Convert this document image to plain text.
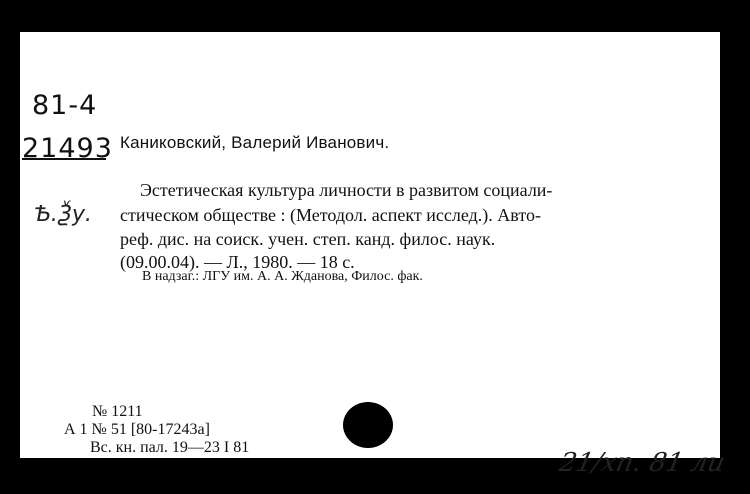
81-4
21493
Ѣ.Ѯу.
Каниковский, Валерий Иванович.
Эстетическая культура личности в развитом социали-
стическом обществе : (Методол. аспект исслед.). Авто-
реф. дис. на соиск. учен. степ. канд. филос. наук.
(09.00.04). — Л., 1980. — 18 с.
В надзаг.: ЛГУ им. А. А. Жданова, Филос. фак.
№ 1211
А 1 № 51 [80-17243а]
Вс. кн. пал. 19—23 I 81
21/хп. 81 ли
